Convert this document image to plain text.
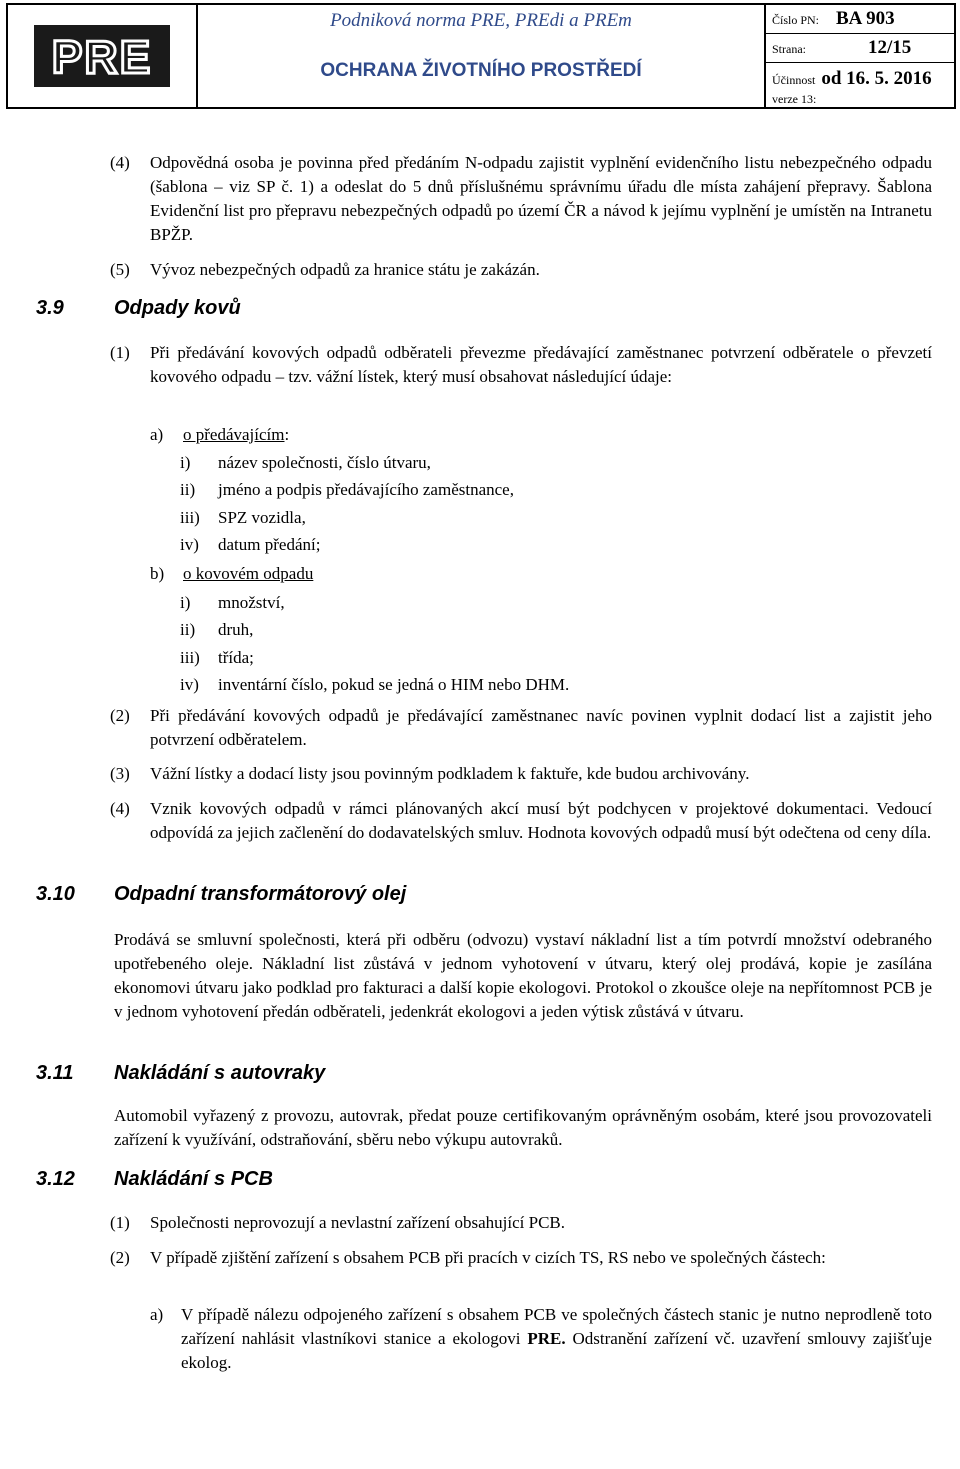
PRE
Podniková norma PRE, PREdi a PREm
OCHRANA ŽIVOTNÍHO PROSTŘEDÍ
Číslo PN: BA 903
Strana:	12/15
Účinnost od 16. 5. 2016
verze 13:
(4) Odpovědná osoba je povinna před předáním N-odpadu zajistit vyplnění evidenčního listu nebezpečného odpadu (šablona – viz SP č. 1) a odeslat do 5 dnů příslušnému správnímu úřadu dle místa zahájení přepravy. Šablona Evidenční list pro přepravu nebezpečných odpadů po území ČR a návod k jejímu vyplnění je umístěn na Intranetu BPŽP.
(5) Vývoz nebezpečných odpadů za hranice státu je zakázán.
3.9	Odpady kovů
(1) Při předávání kovových odpadů odběrateli převezme předávající zaměstnanec potvrzení odběratele o převzetí kovového odpadu – tzv. vážní lístek, který musí obsahovat následující údaje:
a) o předávajícím:
i) název společnosti, číslo útvaru,
ii) jméno a podpis předávajícího zaměstnance,
iii) SPZ vozidla,
iv) datum předání;
b) o kovovém odpadu
i) množství,
ii) druh,
iii) třída;
iv) inventární číslo, pokud se jedná o HIM nebo DHM.
(2) Při předávání kovových odpadů je předávající zaměstnanec navíc povinen vyplnit dodací list a zajistit jeho potvrzení odběratelem.
(3) Vážní lístky a dodací listy jsou povinným podkladem k faktuře, kde budou archivovány.
(4) Vznik kovových odpadů v rámci plánovaných akcí musí být podchycen v projektové dokumentaci. Vedoucí odpovídá za jejich začlenění do dodavatelských smluv. Hodnota kovových odpadů musí být odečtena od ceny díla.
3.10 Odpadní transformátorový olej
Prodává se smluvní společnosti, která při odběru (odvozu) vystaví nákladní list a tím potvrdí množství odebraného upotřebeného oleje. Nákladní list zůstává v jednom vyhotovení v útvaru, který olej prodává, kopie je zasílána ekonomovi útvaru jako podklad pro fakturaci a další kopie ekologovi. Protokol o zkoušce oleje na nepřítomnost PCB je v jednom vyhotovení předán odběrateli, jedenkrát ekologovi a jeden výtisk zůstává v útvaru.
3.11 Nakládání s autovraky
Automobil vyřazený z provozu, autovrak, předat pouze certifikovaným oprávněným osobám, které jsou provozovateli zařízení k využívání, odstraňování, sběru nebo výkupu autovraků.
3.12 Nakládání s PCB
(1) Společnosti neprovozují a nevlastní zařízení obsahující PCB.
(2) V případě zjištění zařízení s obsahem PCB při pracích v cizích TS, RS nebo ve společných částech:
a) V případě nálezu odpojeného zařízení s obsahem PCB ve společných částech stanic je nutno neprodleně toto zařízení nahlásit vlastníkovi stanice a ekologovi PRE. Odstranění zařízení vč. uzavření smlouvy zajišťuje ekolog.
